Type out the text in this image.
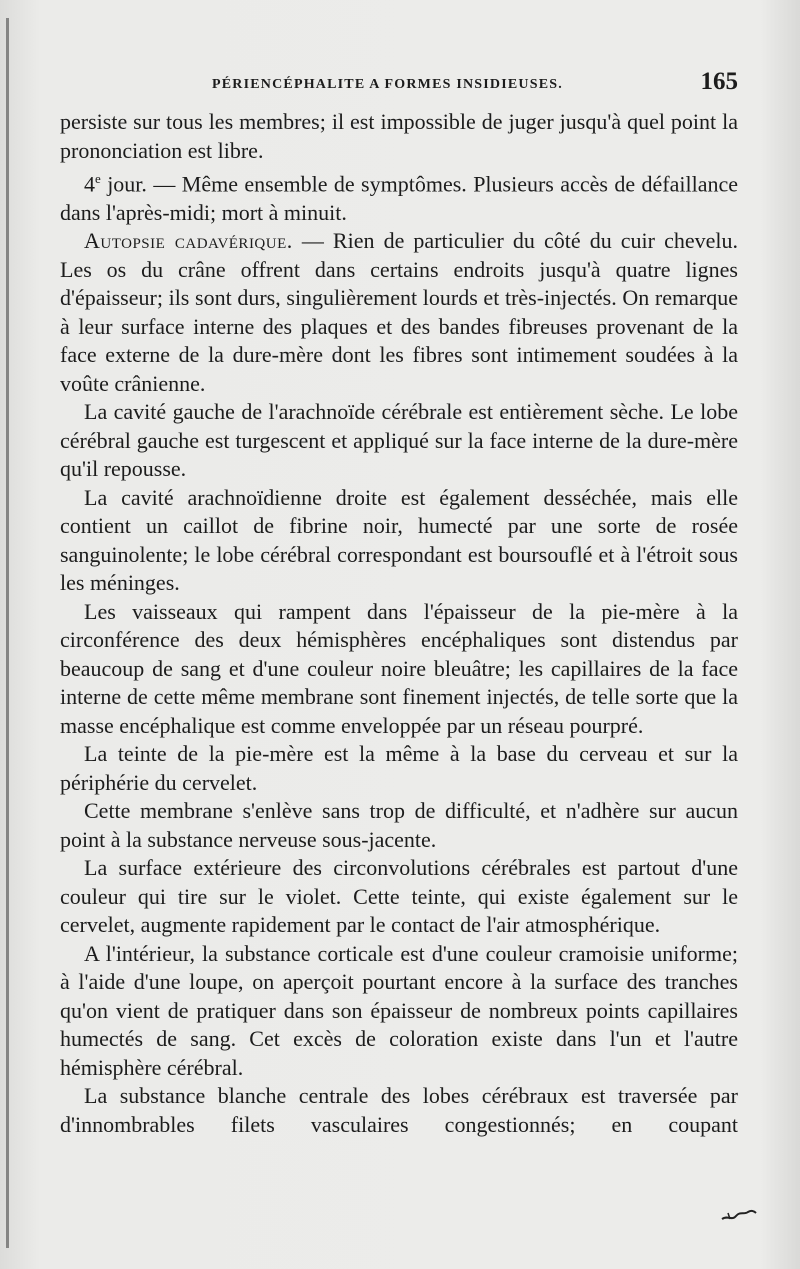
PÉRIENCÉPHALITE A FORMES INSIDIEUSES.	165

persiste sur tous les membres; il est impossible de juger jusqu'à quel point la prononciation est libre.

4e jour. — Même ensemble de symptômes. Plusieurs accès de défaillance dans l'après-midi; mort à minuit.

Autopsie cadavérique. — Rien de particulier du côté du cuir chevelu. Les os du crâne offrent dans certains endroits jusqu'à quatre lignes d'épaisseur; ils sont durs, singulièrement lourds et très-injectés. On remarque à leur surface interne des plaques et des bandes fibreuses provenant de la face externe de la dure-mère dont les fibres sont intimement soudées à la voûte crânienne.

La cavité gauche de l'arachnoïde cérébrale est entièrement sèche. Le lobe cérébral gauche est turgescent et appliqué sur la face interne de la dure-mère qu'il repousse.

La cavité arachnoïdienne droite est également desséchée, mais elle contient un caillot de fibrine noir, humecté par une sorte de rosée sanguinolente; le lobe cérébral correspondant est boursouflé et à l'étroit sous les méninges.

Les vaisseaux qui rampent dans l'épaisseur de la pie-mère à la circonférence des deux hémisphères encéphaliques sont distendus par beaucoup de sang et d'une couleur noire bleuâtre; les capillaires de la face interne de cette même membrane sont finement injectés, de telle sorte que la masse encéphalique est comme enveloppée par un réseau pourpré.

La teinte de la pie-mère est la même à la base du cerveau et sur la périphérie du cervelet.

Cette membrane s'enlève sans trop de difficulté, et n'adhère sur aucun point à la substance nerveuse sous-jacente.

La surface extérieure des circonvolutions cérébrales est partout d'une couleur qui tire sur le violet. Cette teinte, qui existe également sur le cervelet, augmente rapidement par le contact de l'air atmosphérique.

A l'intérieur, la substance corticale est d'une couleur cramoisie uniforme; à l'aide d'une loupe, on aperçoit pourtant encore à la surface des tranches qu'on vient de pratiquer dans son épaisseur de nombreux points capillaires humectés de sang. Cet excès de coloration existe dans l'un et l'autre hémisphère cérébral.

La substance blanche centrale des lobes cérébraux est traversée par d'innombrables filets vasculaires congestionnés; en coupant
